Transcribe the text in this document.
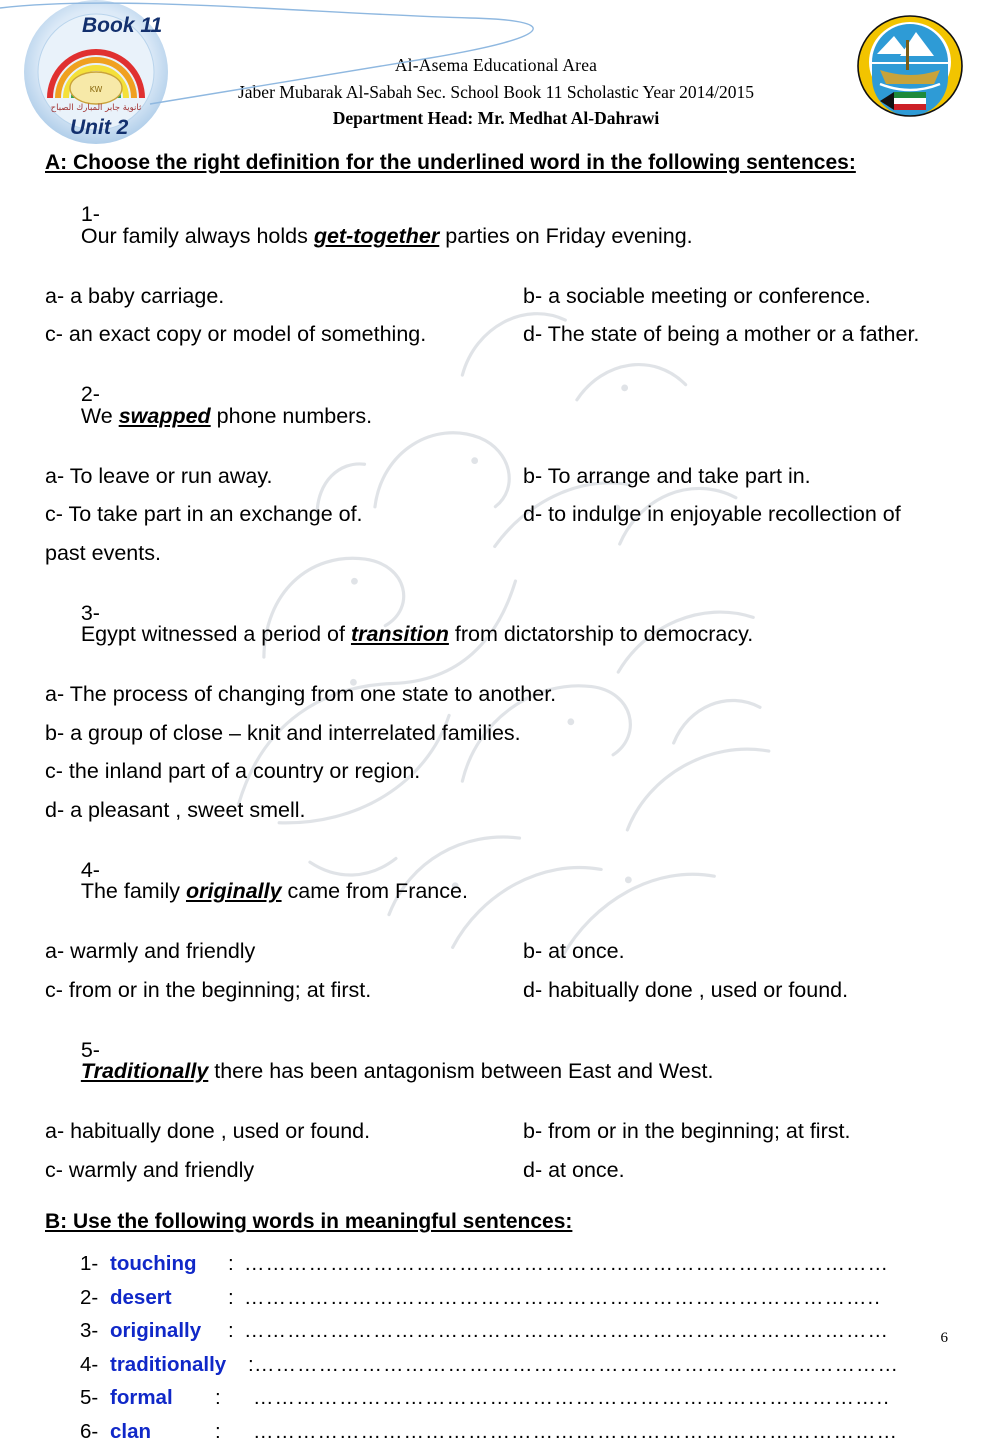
KW
ثانوية جابر المبارك الصباح
Book 11
Unit 2
Al-Asema Educational Area
Jaber Mubarak Al-Sabah Sec. School Book 11 Scholastic Year 2014/2015
Department Head: Mr. Medhat Al-Dahrawi
A: Choose the right definition for the underlined word in the following sentences:

1-
Our family always holds get-together parties on Friday evening.

a- a baby carriage.	b- a sociable meeting or conference.
c- an exact copy or model of something.	d- The state of being a mother or a father.

2-
We swapped phone numbers.

a- To leave or run away.	b- To arrange and take part in.
c- To take part in an exchange of.	d- to indulge in enjoyable recollection of
past events.

3-
Egypt witnessed a period of transition from dictatorship to democracy.

a- The process of changing from one state to another.
b- a group of close – knit and interrelated families.
c- the inland part of a country or region.
d- a pleasant , sweet smell.

4-
The family originally came from France.

a- warmly and friendly	b- at once.
c- from or in the beginning; at first.	d- habitually done , used or found.

5-
Traditionally there has been antagonism between East and West.

a- habitually done , used or found.	b- from or in the beginning; at first.
c- warmly and friendly	d- at once.
B: Use the following words in meaningful sentences:
1- touching	: ………………………………………………………………………………
2- desert	: ……………………………………………………………………………..
3- originally	: ………………………………………………………………………………
4- traditionally	: ………………………………………………………………………………
5- formal	:	……………………………………………………………………………..
6- clan	:	………………………………………………………………………………
6
